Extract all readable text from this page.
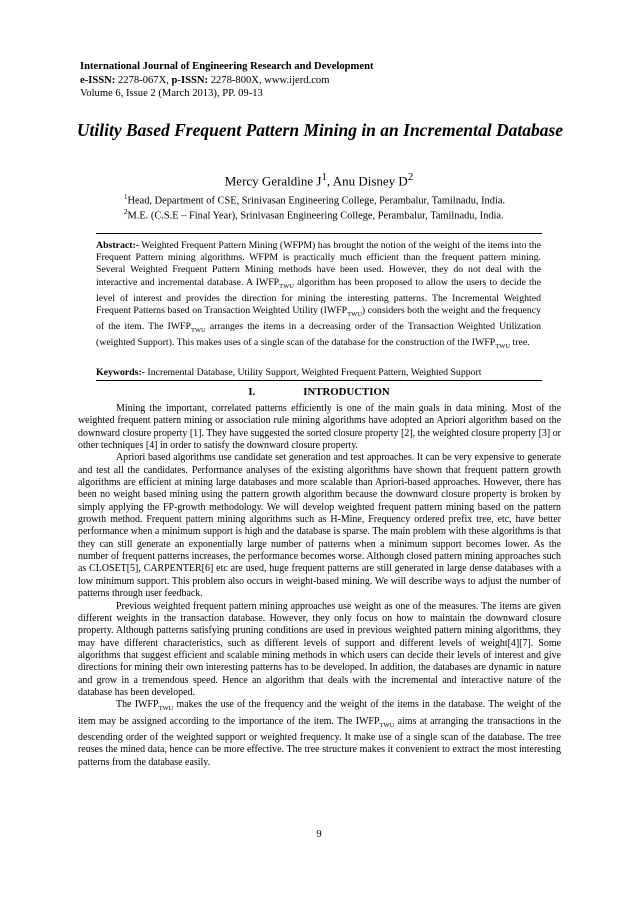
International Journal of Engineering Research and Development
e-ISSN: 2278-067X, p-ISSN: 2278-800X, www.ijerd.com
Volume 6, Issue 2 (March 2013), PP. 09-13
Utility Based Frequent Pattern Mining in an Incremental Database
Mercy Geraldine $J^1$, Anu Disney $D^2$
$^1$Head, Department of CSE, Srinivasan Engineering College, Perambalur, Tamilnadu, India.
$^2$M.E. (C.S.E – Final Year), Srinivasan Engineering College, Perambalur, Tamilnadu, India.

Abstract:- Weighted Frequent Pattern Mining (WFPM) has brought the notion of the weight of the items into the Frequent Pattern mining algorithms. WFPM is practically much efficient than the frequent pattern mining. Several Weighted Frequent Pattern Mining methods have been used. However, they do not deal with the interactive and incremental database. A $IWFP_{TWU}$ algorithm has been proposed to allow the users to decide the level of interest and provides the direction for mining the interesting patterns. The Incremental Weighted Frequent Patterns based on Transaction Weighted Utility $(IWFP_{TWU})$ considers both the weight and the frequency of the item. The $IWFP_{TWU}$ arranges the items in a decreasing order of the Transaction Weighted Utilization (weighted Support). This makes uses of a single scan of the database for the construction of the $IWFP_{TWU}$ tree.

Keywords:- Incremental Database, Utility Support, Weighted Frequent Pattern, Weighted Support
I.	INTRODUCTION

Mining the important, correlated patterns efficiently is one of the main goals in data mining. Most of the weighted frequent pattern mining or association rule mining algorithms have adopted an Apriori algorithm based on the downward closure property [1]. They have suggested the sorted closure property [2], the weighted closure property [3] or other techniques [4] in order to satisfy the downward closure property.

Apriori based algorithms use candidate set generation and test approaches. It can be very expensive to generate and test all the candidates. Performance analyses of the existing algorithms have shown that frequent pattern growth algorithms are efficient at mining large databases and more scalable than Apriori-based approaches. However, there has been no weight based mining using the pattern growth algorithm because the downward closure property is broken by simply applying the FP-growth methodology. We will develop weighted frequent pattern mining based on the pattern growth method. Frequent pattern mining algorithms such as H-Mine, Frequency ordered prefix tree, etc, have better performance when a minimum support is high and the database is sparse. The main problem with these algorithms is that they can still generate an exponentially large number of patterns when a minimum support becomes lower. As the number of frequent patterns increases, the performance becomes worse. Although closed pattern mining approaches such as CLOSET[5], CARPENTER[6] etc are used, huge frequent patterns are still generated in large dense databases with a low minimum support. This problem also occurs in weight-based mining. We will describe ways to adjust the number of patterns through user feedback.

Previous weighted frequent pattern mining approaches use weight as one of the measures. The items are given different weights in the transaction database. However, they only focus on how to maintain the downward closure property. Although patterns satisfying pruning conditions are used in previous weighted pattern mining algorithms, they may have different characteristics, such as different levels of support and different levels of weight[4][7]. Some algorithms that suggest efficient and scalable mining methods in which users can decide their levels of interest and give directions for mining their own interesting patterns has to be developed. In addition, the databases are dynamic in nature and grow in a tremendous speed. Hence an algorithm that deals with the incremental and interactive nature of the database has been developed.

The $IWFP_{TWU}$ makes the use of the frequency and the weight of the items in the database. The weight of the item may be assigned according to the importance of the item. The $IWFP_{TWU}$ aims at arranging the transactions in the descending order of the weighted support or weighted frequency. It make use of a single scan of the database. The tree reuses the mined data, hence can be more effective. The tree structure makes it convenient to extract the most interesting patterns from the database easily.

9
